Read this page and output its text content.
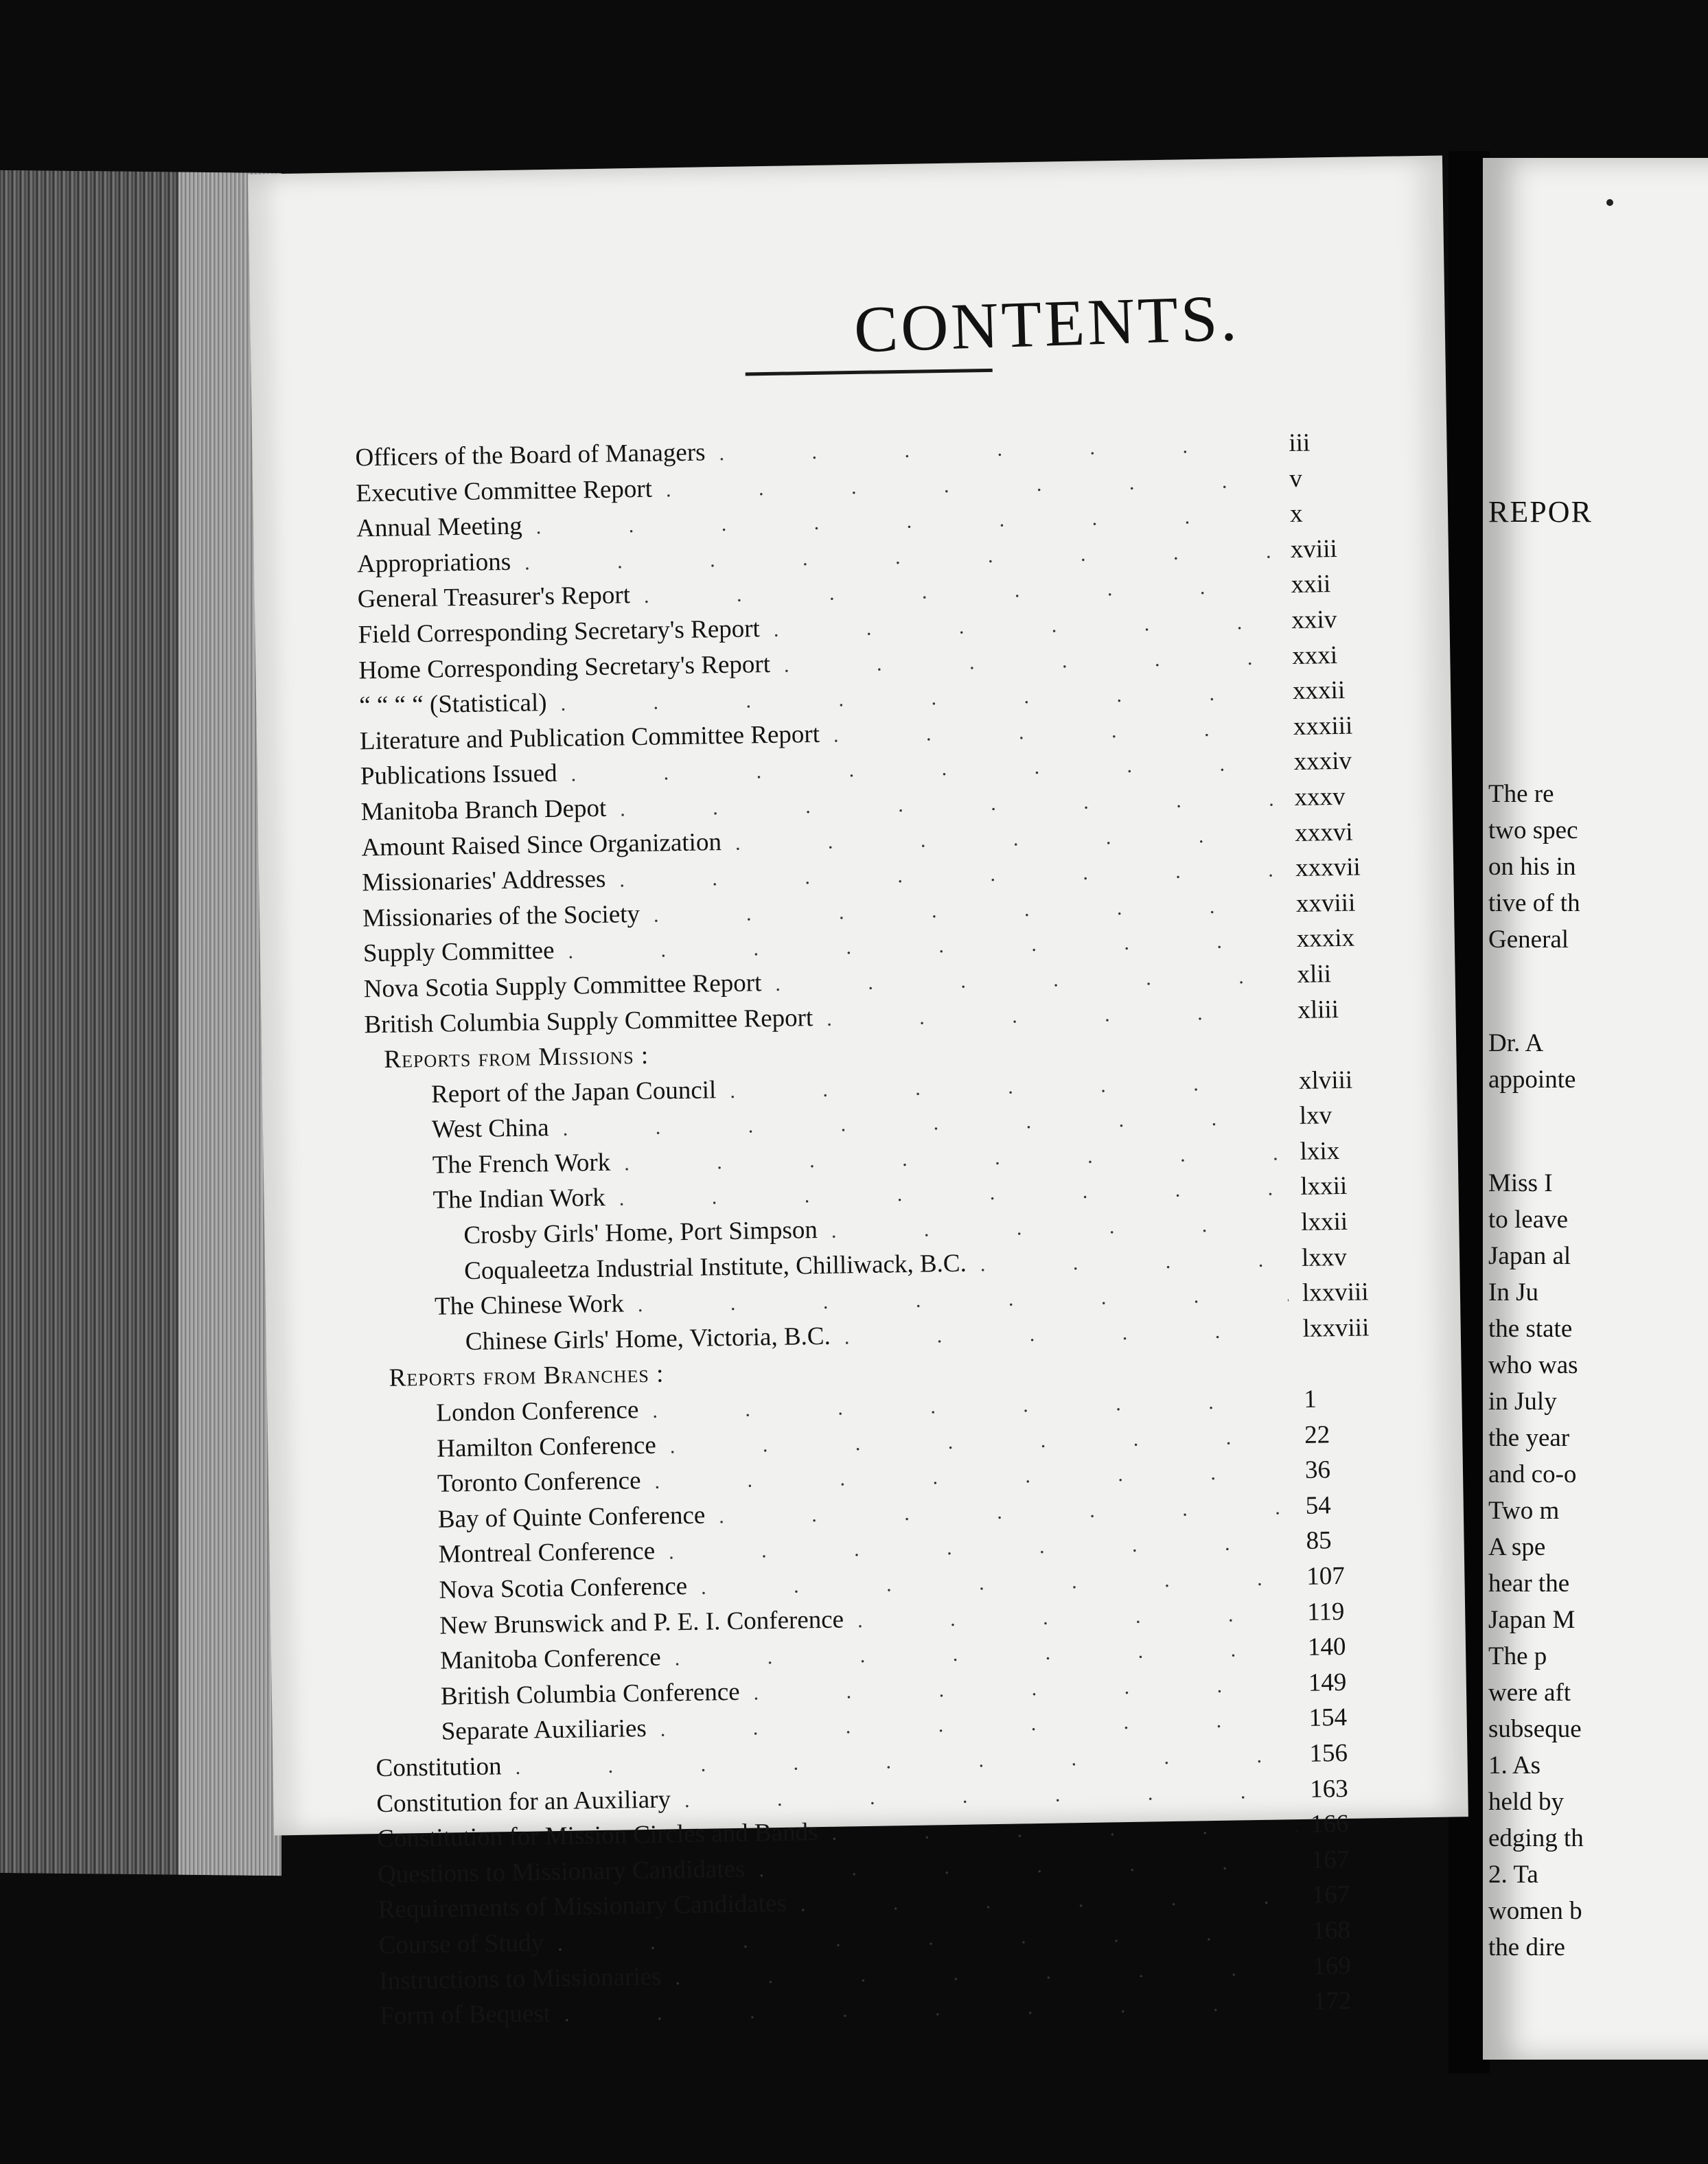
CONTENTS.
Officers of the Board of Managers . . .	iii
Executive Committee Report . . .	v
Annual Meeting . . .	x
Appropriations . . .	xviii
General Treasurer's Report . . .	xxii
Field Corresponding Secretary's Report . . .	xxiv
Home Corresponding Secretary's Report . . .	xxxi
“ “ “ “ (Statistical) . . .	xxxii
Literature and Publication Committee Report . . .	xxxiii
Publications Issued . . .	xxxiv
Manitoba Branch Depot . . .	xxxv
Amount Raised Since Organization . . .	xxxvi
Missionaries' Addresses . . .	xxxvii
Missionaries of the Society . . .	xxviii
Supply Committee . . .	xxxix
Nova Scotia Supply Committee Report . . .	xlii
British Columbia Supply Committee Report . . .	xliii
Reports from Missions :
Report of the Japan Council . . .	xlviii
West China . . .	lxv
The French Work . . .	lxix
The Indian Work . . .	lxxii
Crosby Girls' Home, Port Simpson . . .	lxxii
Coqualeetza Industrial Institute, Chilliwack, B.C. . . .	lxxv
The Chinese Work . . .	lxxviii
Chinese Girls' Home, Victoria, B.C. . . .	lxxviii
Reports from Branches :
London Conference . . .	1
Hamilton Conference . . .	22
Toronto Conference . . .	36
Bay of Quinte Conference . . .	54
Montreal Conference . . .	85
Nova Scotia Conference . . .	107
New Brunswick and P. E. I. Conference . . .	119
Manitoba Conference . . .	140
British Columbia Conference . . .	149
Separate Auxiliaries . . .	154
Constitution . . .	156
Constitution for an Auxiliary . . .	163
Constitution for Mission Circles and Bands . . .	166
Questions to Missionary Candidates . . .	167
Requirements of Missionary Candidates . . .	167
Course of Study . . .	168
Instructions to Missionaries . . .	169
Form of Bequest . . .	172
REPOR
The re
two spec
on his in
tive of th
General
Dr. A
appointe
Miss I
to leave
Japan al
In Ju
the state
who was
in July
the year
and co-o
Two m
A spe
hear the
Japan M
The p
were aft
subseque
1. As
held by
edging th
2. Ta
women b
the dire
